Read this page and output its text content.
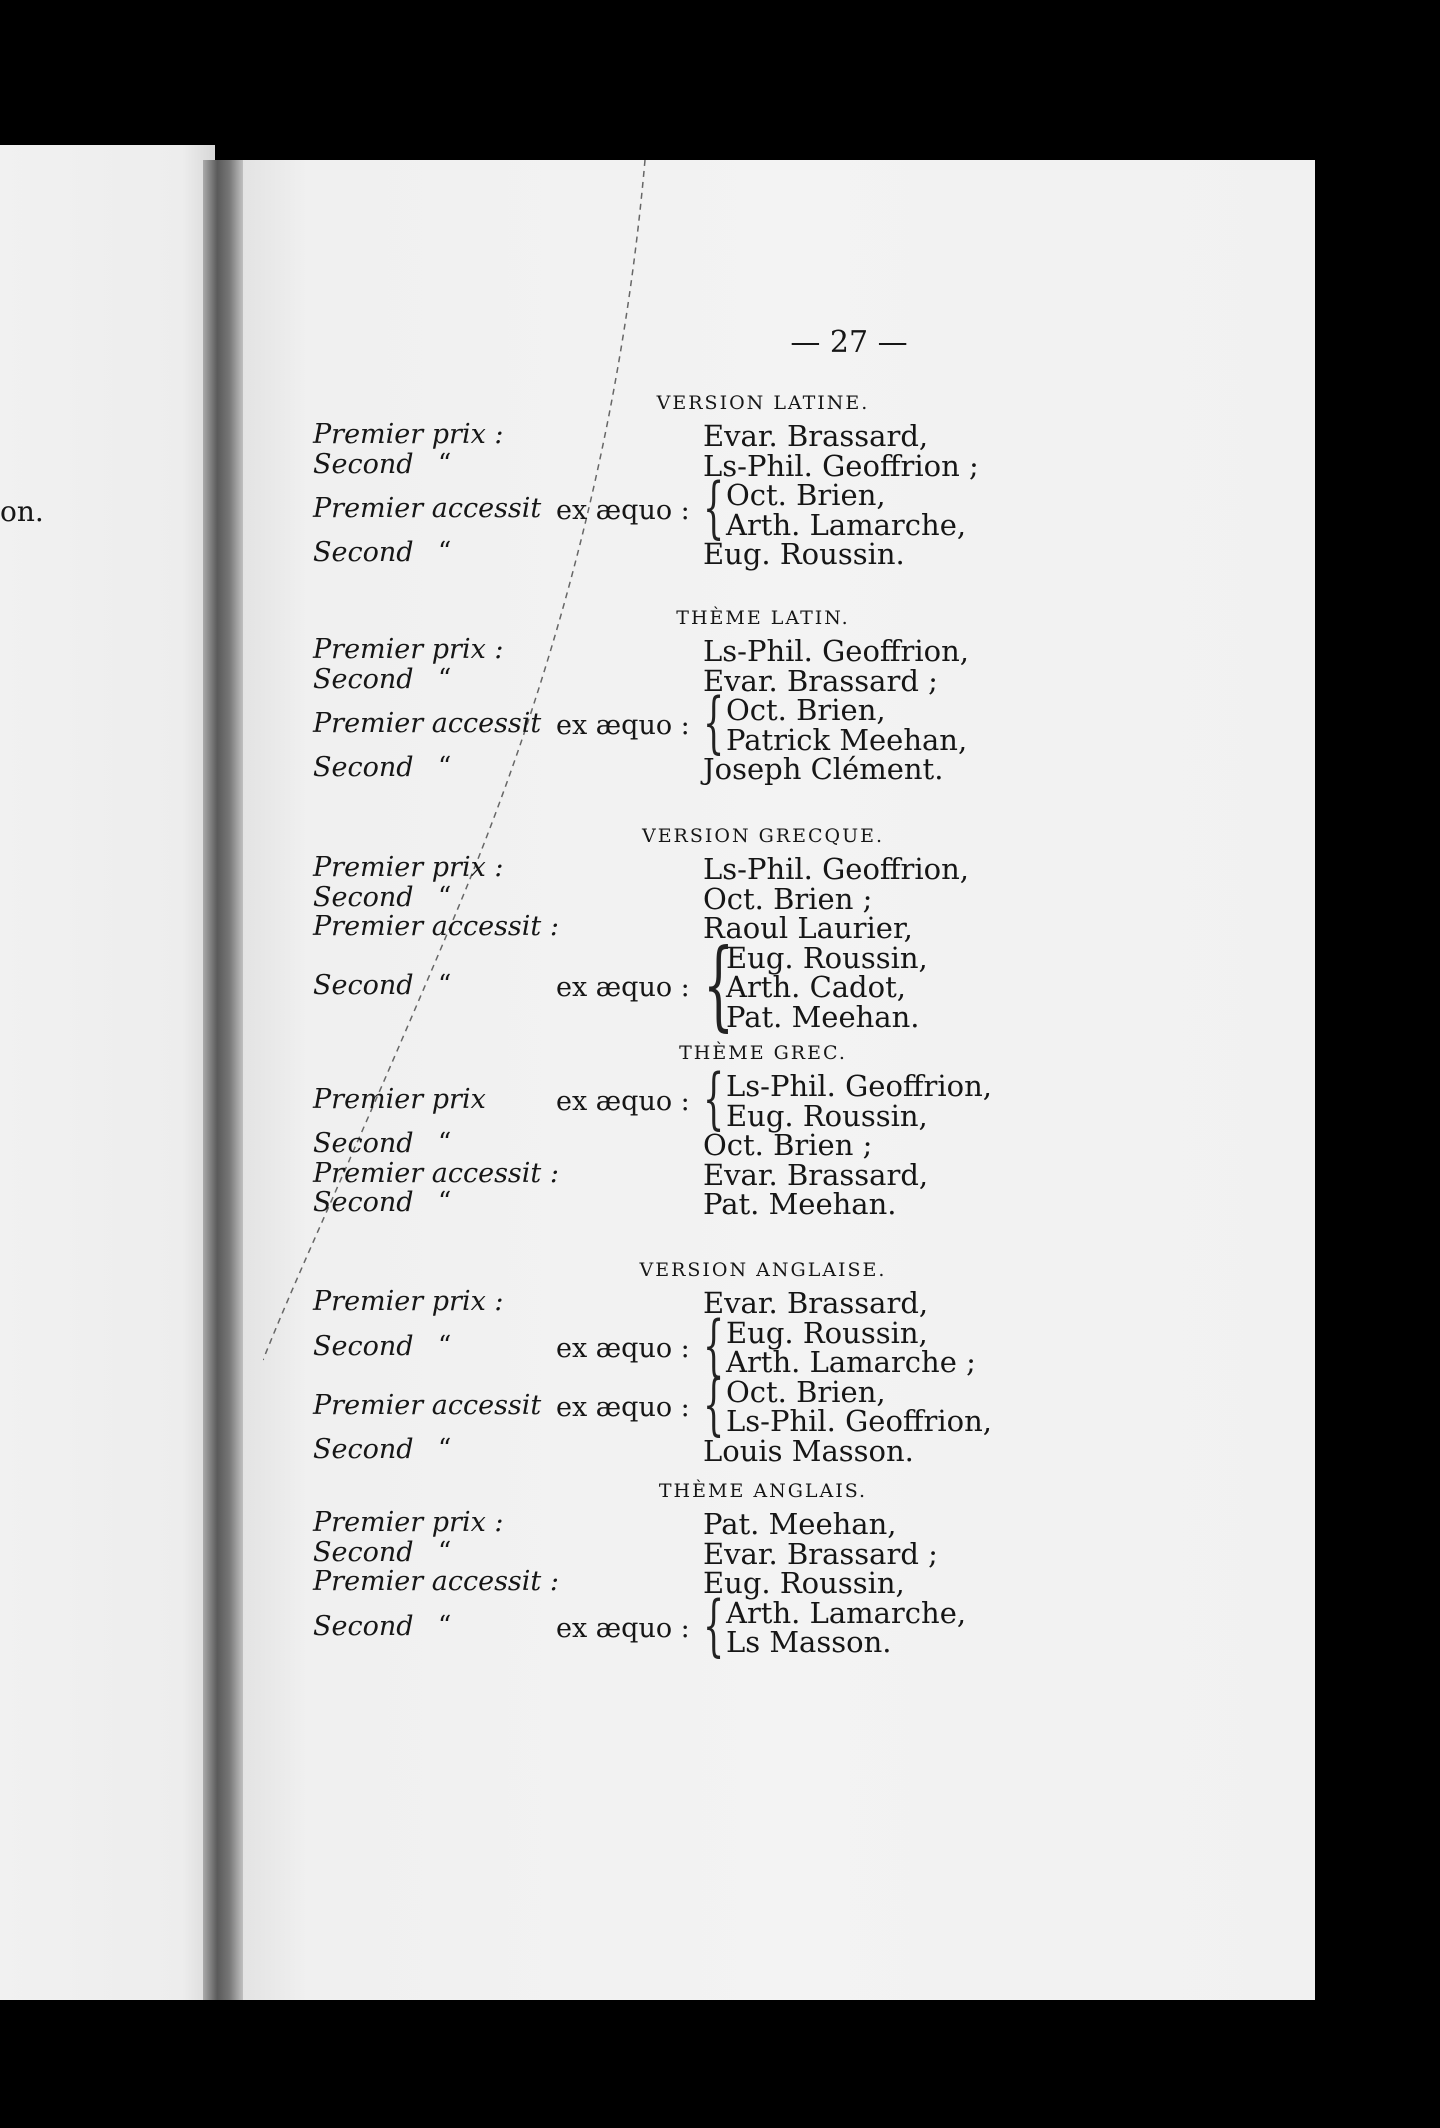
on.
— 27 —
VERSION LATINE.
Premier prix :	Evar. Brassard,
Second “	Ls-Phil. Geoffrion ;
Premier accessit ex æquo : { Oct. Brien,
Arth. Lamarche,
Second “	Eug. Roussin.
THÈME LATIN.
Premier prix :	Ls-Phil. Geoffrion,
Second “	Evar. Brassard ;
Premier accessit ex æquo : { Oct. Brien,
Patrick Meehan,
Second “	Joseph Clément.
VERSION GRECQUE.
Premier prix :	Ls-Phil. Geoffrion,
Second “	Oct. Brien ;
Premier accessit :	Raoul Laurier,
Second “	ex æquo : {
Eug. Roussin,
Arth. Cadot,
Pat. Meehan.
THÈME GREC.
Premier prix	ex æquo : { Ls-Phil. Geoffrion,
Eug. Roussin,
Second “	Oct. Brien ;
Premier accessit :	Evar. Brassard,
Second “	Pat. Meehan.
VERSION ANGLAISE.
Premier prix :	Evar. Brassard,
Second “	ex æquo : { Eug. Roussin,
Arth. Lamarche ;
Premier accessit ex æquo : { Oct. Brien,
Ls-Phil. Geoffrion,
Second “	Louis Masson.
THÈME ANGLAIS.
Premier prix :	Pat. Meehan,
Second “	Evar. Brassard ;
Premier accessit :	Eug. Roussin,
Second “	ex æquo : { Arth. Lamarche,
Ls Masson.
